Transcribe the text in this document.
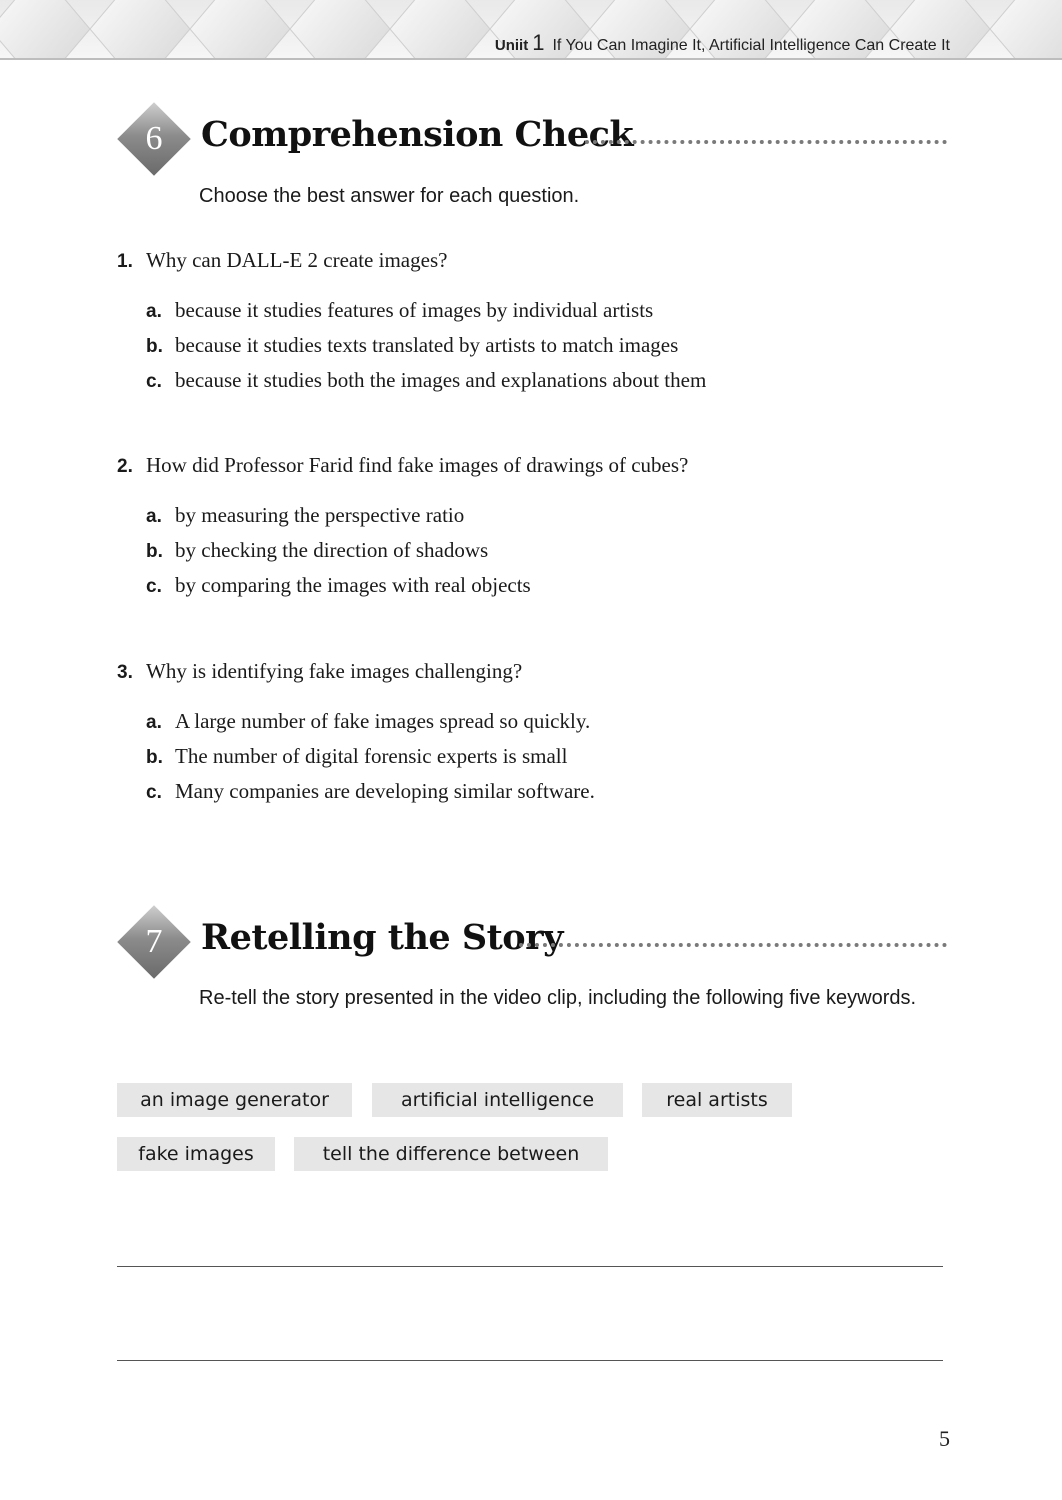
Uniit 1 If You Can Imagine It, Artificial Intelligence Can Create It
6	Comprehension Check
Choose the best answer for each question.
1. Why can DALL-E 2 create images?
a. because it studies features of images by individual artists
b. because it studies texts translated by artists to match images
c. because it studies both the images and explanations about them
2. How did Professor Farid find fake images of drawings of cubes?
a. by measuring the perspective ratio
b. by checking the direction of shadows
c. by comparing the images with real objects
3. Why is identifying fake images challenging?
a. A large number of fake images spread so quickly.
b. The number of digital forensic experts is small
c. Many companies are developing similar software.
7	Retelling the Story
Re-tell the story presented in the video clip, including the following five keywords.
an image generator	artificial intelligence	real artists
fake images	tell the difference between
5
